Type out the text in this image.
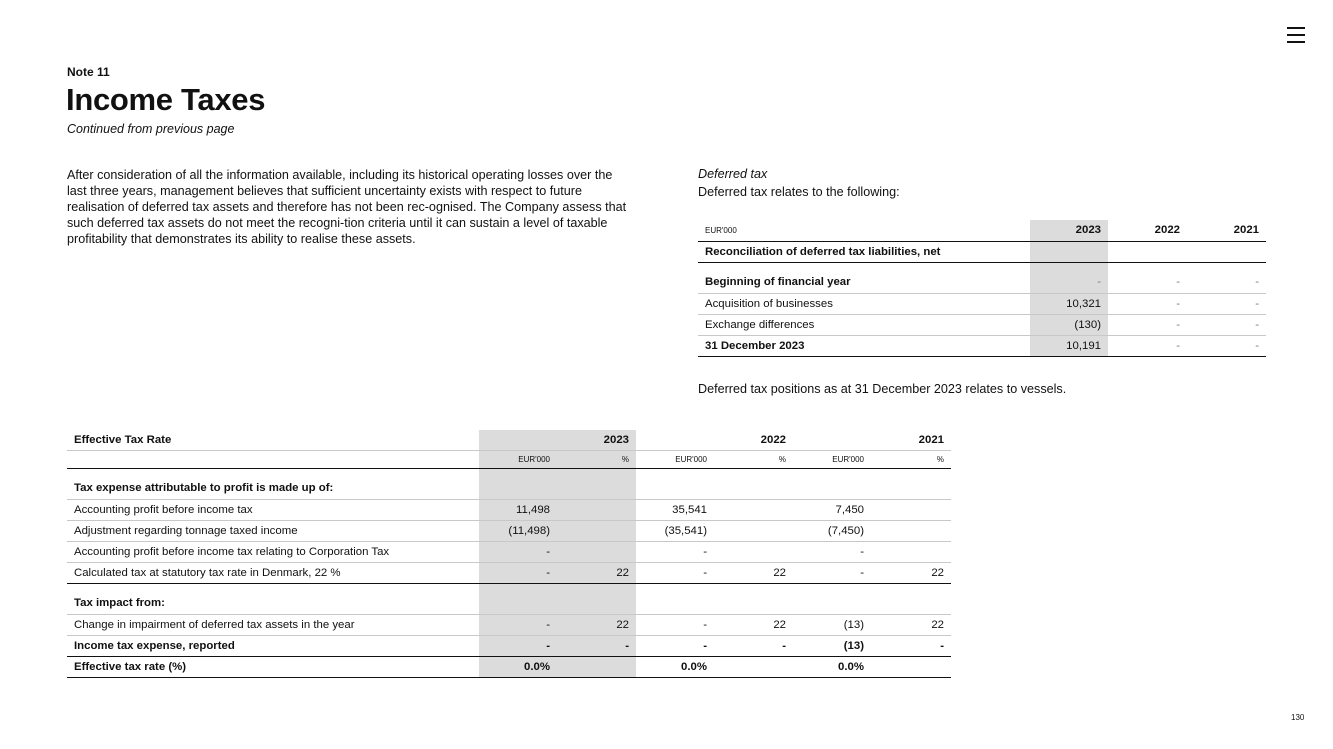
Note 11
Income Taxes
Continued from previous page
After consideration of all the information available, including its historical operating losses over the last three years, management believes that sufficient uncertainty exists with respect to future realisation of deferred tax assets and therefore has not been rec-ognised. The Company assess that such deferred tax assets do not meet the recogni-tion criteria until it can sustain a level of taxable profitability that demonstrates its ability to realise these assets.
Deferred tax
Deferred tax relates to the following:
EUR'000	2023	2022	2021
Reconciliation of deferred tax liabilities, net			

Beginning of financial year	-	-	-
Acquisition of businesses	10,321	-	-
Exchange differences	(130)	-	-
31 December 2023	10,191	-	-
Deferred tax positions as at 31 December 2023 relates to vessels.
Effective Tax Rate		2023		2022		2021
	EUR'000	%	EUR'000	%	EUR'000	%

Tax expense attributable to profit is made up of:						
Accounting profit before income tax	11,498		35,541		7,450	
Adjustment regarding tonnage taxed income	(11,498)		(35,541)		(7,450)	
Accounting profit before income tax relating to Corporation Tax	-		-		-	
Calculated tax at statutory tax rate in Denmark, 22 %	-	22	-	22	-	22

Tax impact from:						
Change in impairment of deferred tax assets in the year	-	22	-	22	(13)	22
Income tax expense, reported	-	-	-	-	(13)	-
Effective tax rate (%)	0.0%		0.0%		0.0%	
130
